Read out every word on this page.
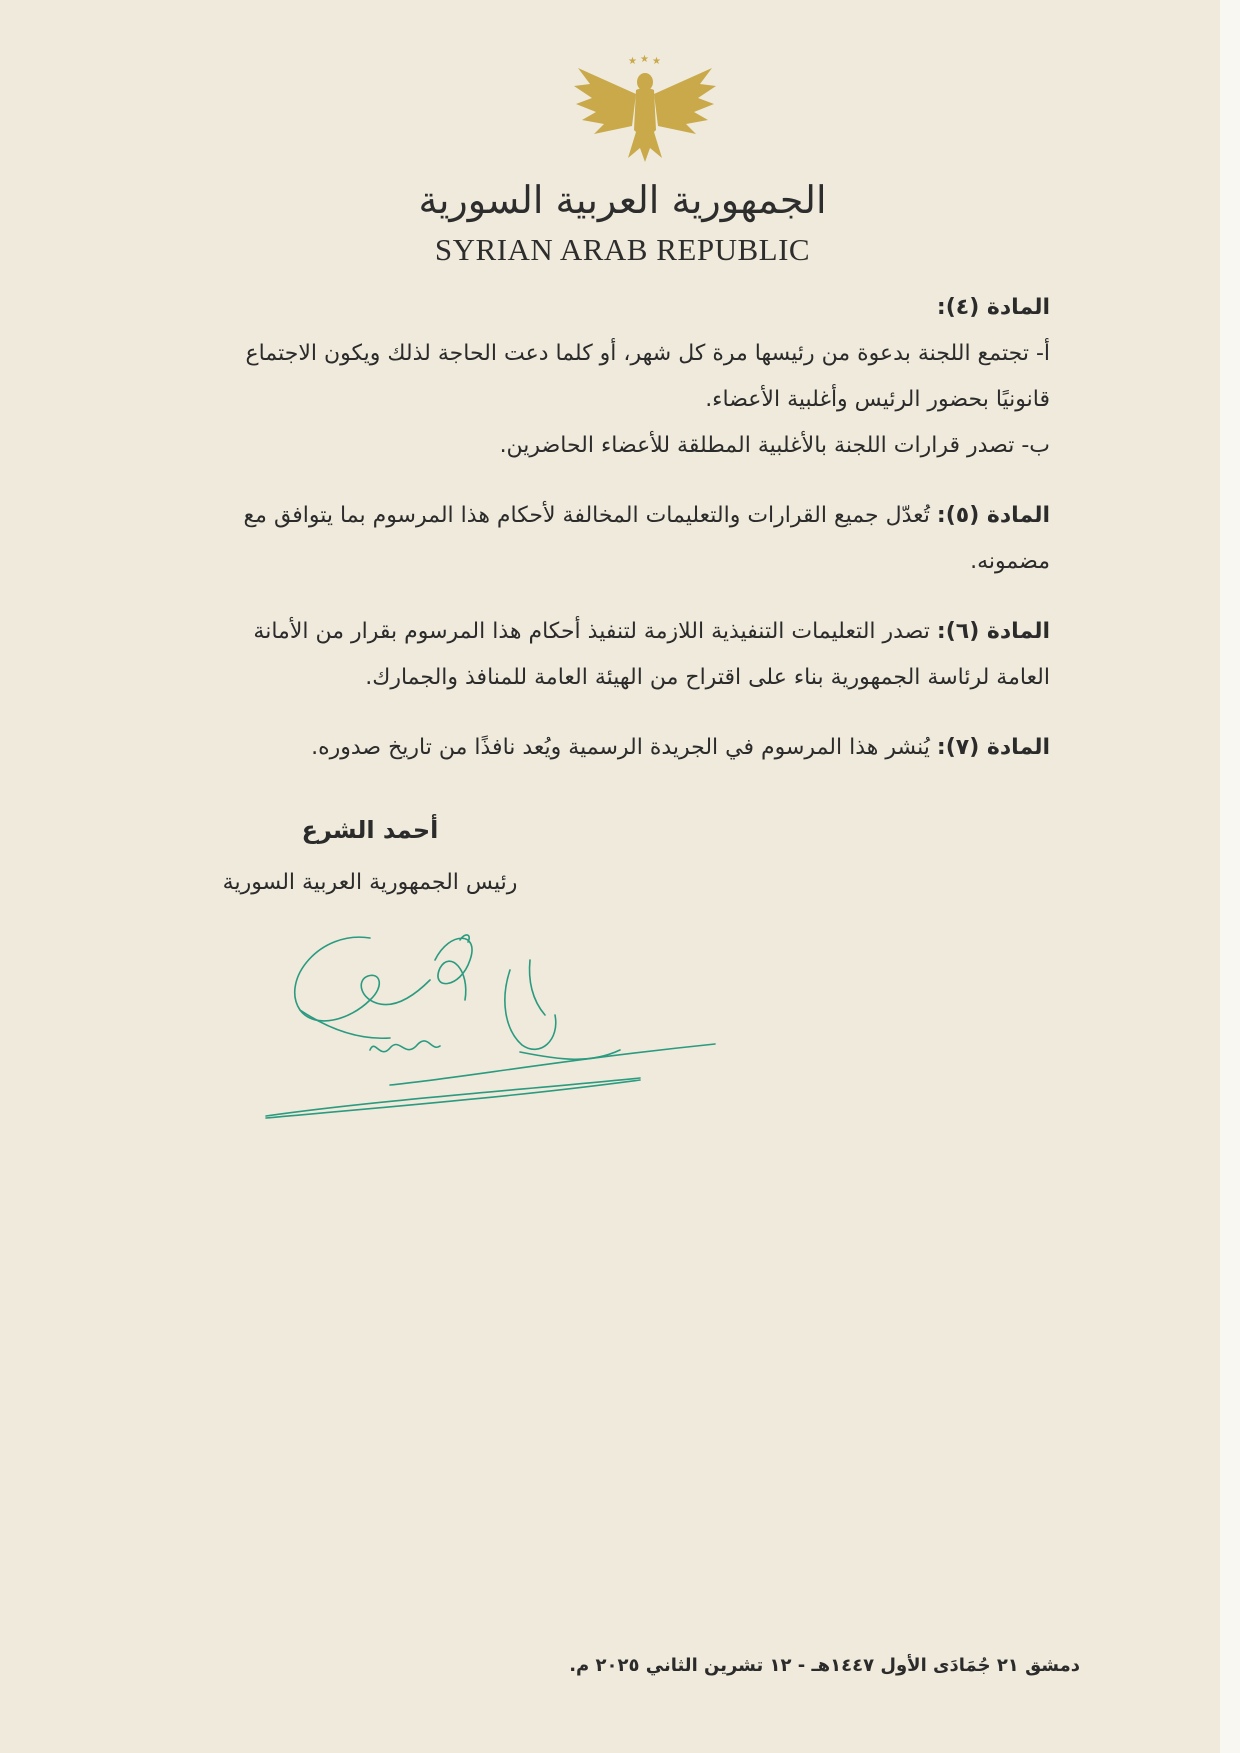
★ ★ ★
الجمهورية العربية السورية
SYRIAN ARAB REPUBLIC

المادة (٤):

أ- تجتمع اللجنة بدعوة من رئيسها مرة كل شهر، أو كلما دعت الحاجة لذلك ويكون الاجتماع قانونيًا بحضور الرئيس وأغلبية الأعضاء.

ب- تصدر قرارات اللجنة بالأغلبية المطلقة للأعضاء الحاضرين.

المادة (٥): تُعدّل جميع القرارات والتعليمات المخالفة لأحكام هذا المرسوم بما يتوافق مع مضمونه.

المادة (٦): تصدر التعليمات التنفيذية اللازمة لتنفيذ أحكام هذا المرسوم بقرار من الأمانة العامة لرئاسة الجمهورية بناء على اقتراح من الهيئة العامة للمنافذ والجمارك.

المادة (٧): يُنشر هذا المرسوم في الجريدة الرسمية ويُعد نافذًا من تاريخ صدوره.

أحمد الشرع
رئيس الجمهورية العربية السورية
دمشق ٢١ جُمَادَى الأول ١٤٤٧هـ - ١٢ تشرين الثاني ٢٠٢٥ م.
